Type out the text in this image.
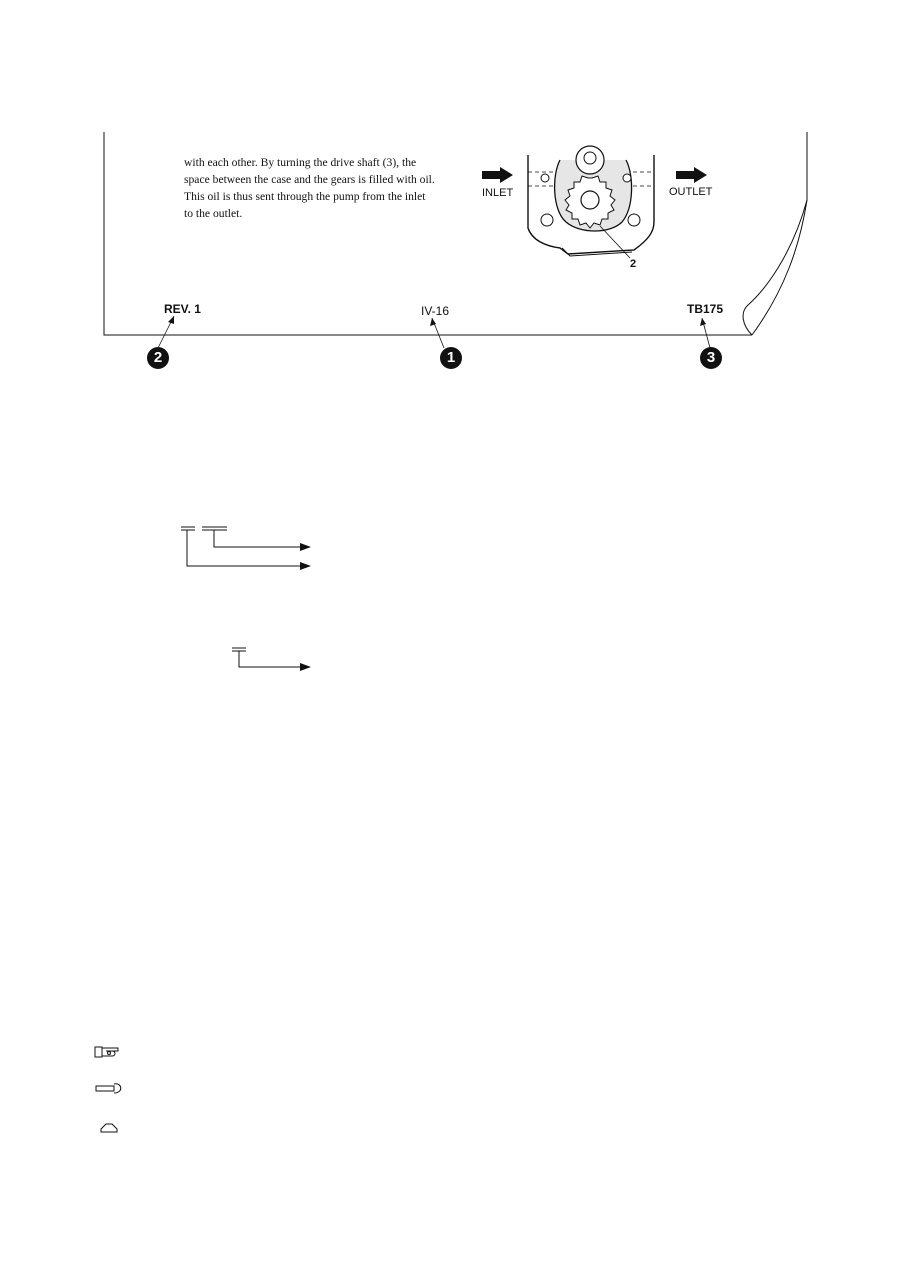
with each other. By turning the drive shaft (3), the
space between the case and the gears is filled with oil.
This oil is thus sent through the pump from the inlet
to the outlet.
INLET	OUTLET
2
REV. 1	IV-16	TB175
2	1	3
